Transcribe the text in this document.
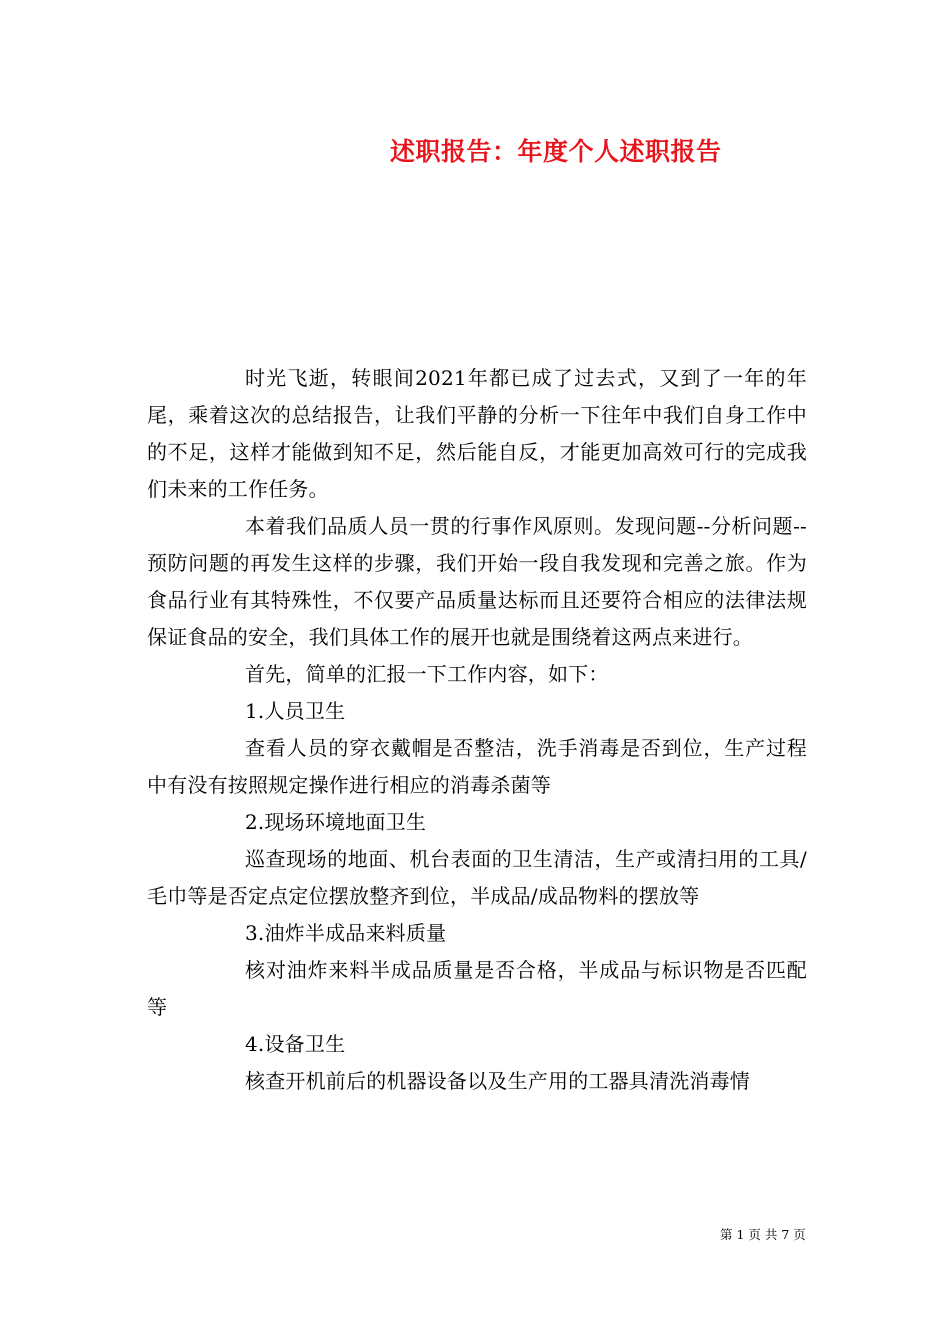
述职报告：年度个人述职报告

时光飞逝，转眼间2021年都已成了过去式，又到了一年的年尾，乘着这次的总结报告，让我们平静的分析一下往年中我们自身工作中的不足，这样才能做到知不足，然后能自反，才能更加高效可行的完成我们未来的工作任务。

本着我们品质人员一贯的行事作风原则。发现问题--分析问题--预防问题的再发生这样的步骤，我们开始一段自我发现和完善之旅。作为食品行业有其特殊性，不仅要产品质量达标而且还要符合相应的法律法规保证食品的安全，我们具体工作的展开也就是围绕着这两点来进行。

首先，简单的汇报一下工作内容，如下：

1.人员卫生

查看人员的穿衣戴帽是否整洁，洗手消毒是否到位，生产过程中有没有按照规定操作进行相应的消毒杀菌等

2.现场环境地面卫生

巡查现场的地面、机台表面的卫生清洁，生产或清扫用的工具/毛巾等是否定点定位摆放整齐到位，半成品/成品物料的摆放等

3.油炸半成品来料质量

核对油炸来料半成品质量是否合格，半成品与标识物是否匹配等

4.设备卫生

核查开机前后的机器设备以及生产用的工器具清洗消毒情

第 1 页 共 7 页
